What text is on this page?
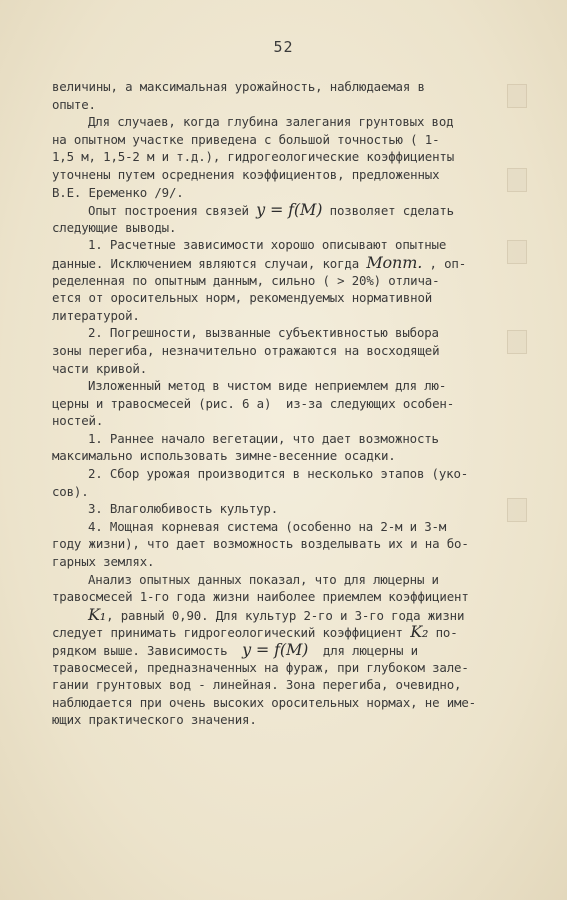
52
величины, а максимальная урожайность, наблюдаемая в
опыте.
Для случаев, когда глубина залегания грунтовых вод
на опытном участке приведена с большой точностью ( 1-
1,5 м, 1,5-2 м и т.д.), гидрогеологические коэффициенты
уточнены путем осреднения коэффициентов, предложенных
В.Е. Еременко /9/.
Опыт построения связей y = f(M) позволяет сделать
следующие выводы.
1. Расчетные зависимости хорошо описывают опытные
данные. Исключением являются случаи, когда Mопт. , оп-
ределенная по опытным данным, сильно ( > 20%) отлича-
ется от оросительных норм, рекомендуемых нормативной
литературой.
2. Погрешности, вызванные субъективностью выбора
зоны перегиба, незначительно отражаются на восходящей
части кривой.
Изложенный метод в чистом виде неприемлем для лю-
церны и травосмесей (рис. 6 а)  из-за следующих особен-
ностей.
1. Раннее начало вегетации, что дает возможность
максимально использовать зимне-весенние осадки.
2. Сбор урожая производится в несколько этапов (уко-
сов).
3. Влаголюбивость культур.
4. Мощная корневая система (особенно на 2-м и 3-м
году жизни), что дает возможность возделывать их и на бо-
гарных землях.
Анализ опытных данных показал, что для люцерны и
травосмесей 1-го года жизни наиболее приемлем коэффициент
K₁, равный 0,90. Для культур 2-го и 3-го года жизни
следует принимать гидрогеологический коэффициент K₂ по-
рядком выше. Зависимость  y = f(M)  для люцерны и
травосмесей, предназначенных на фураж, при глубоком зале-
гании грунтовых вод - линейная. Зона перегиба, очевидно,
наблюдается при очень высоких оросительных нормах, не име-
ющих практического значения.
